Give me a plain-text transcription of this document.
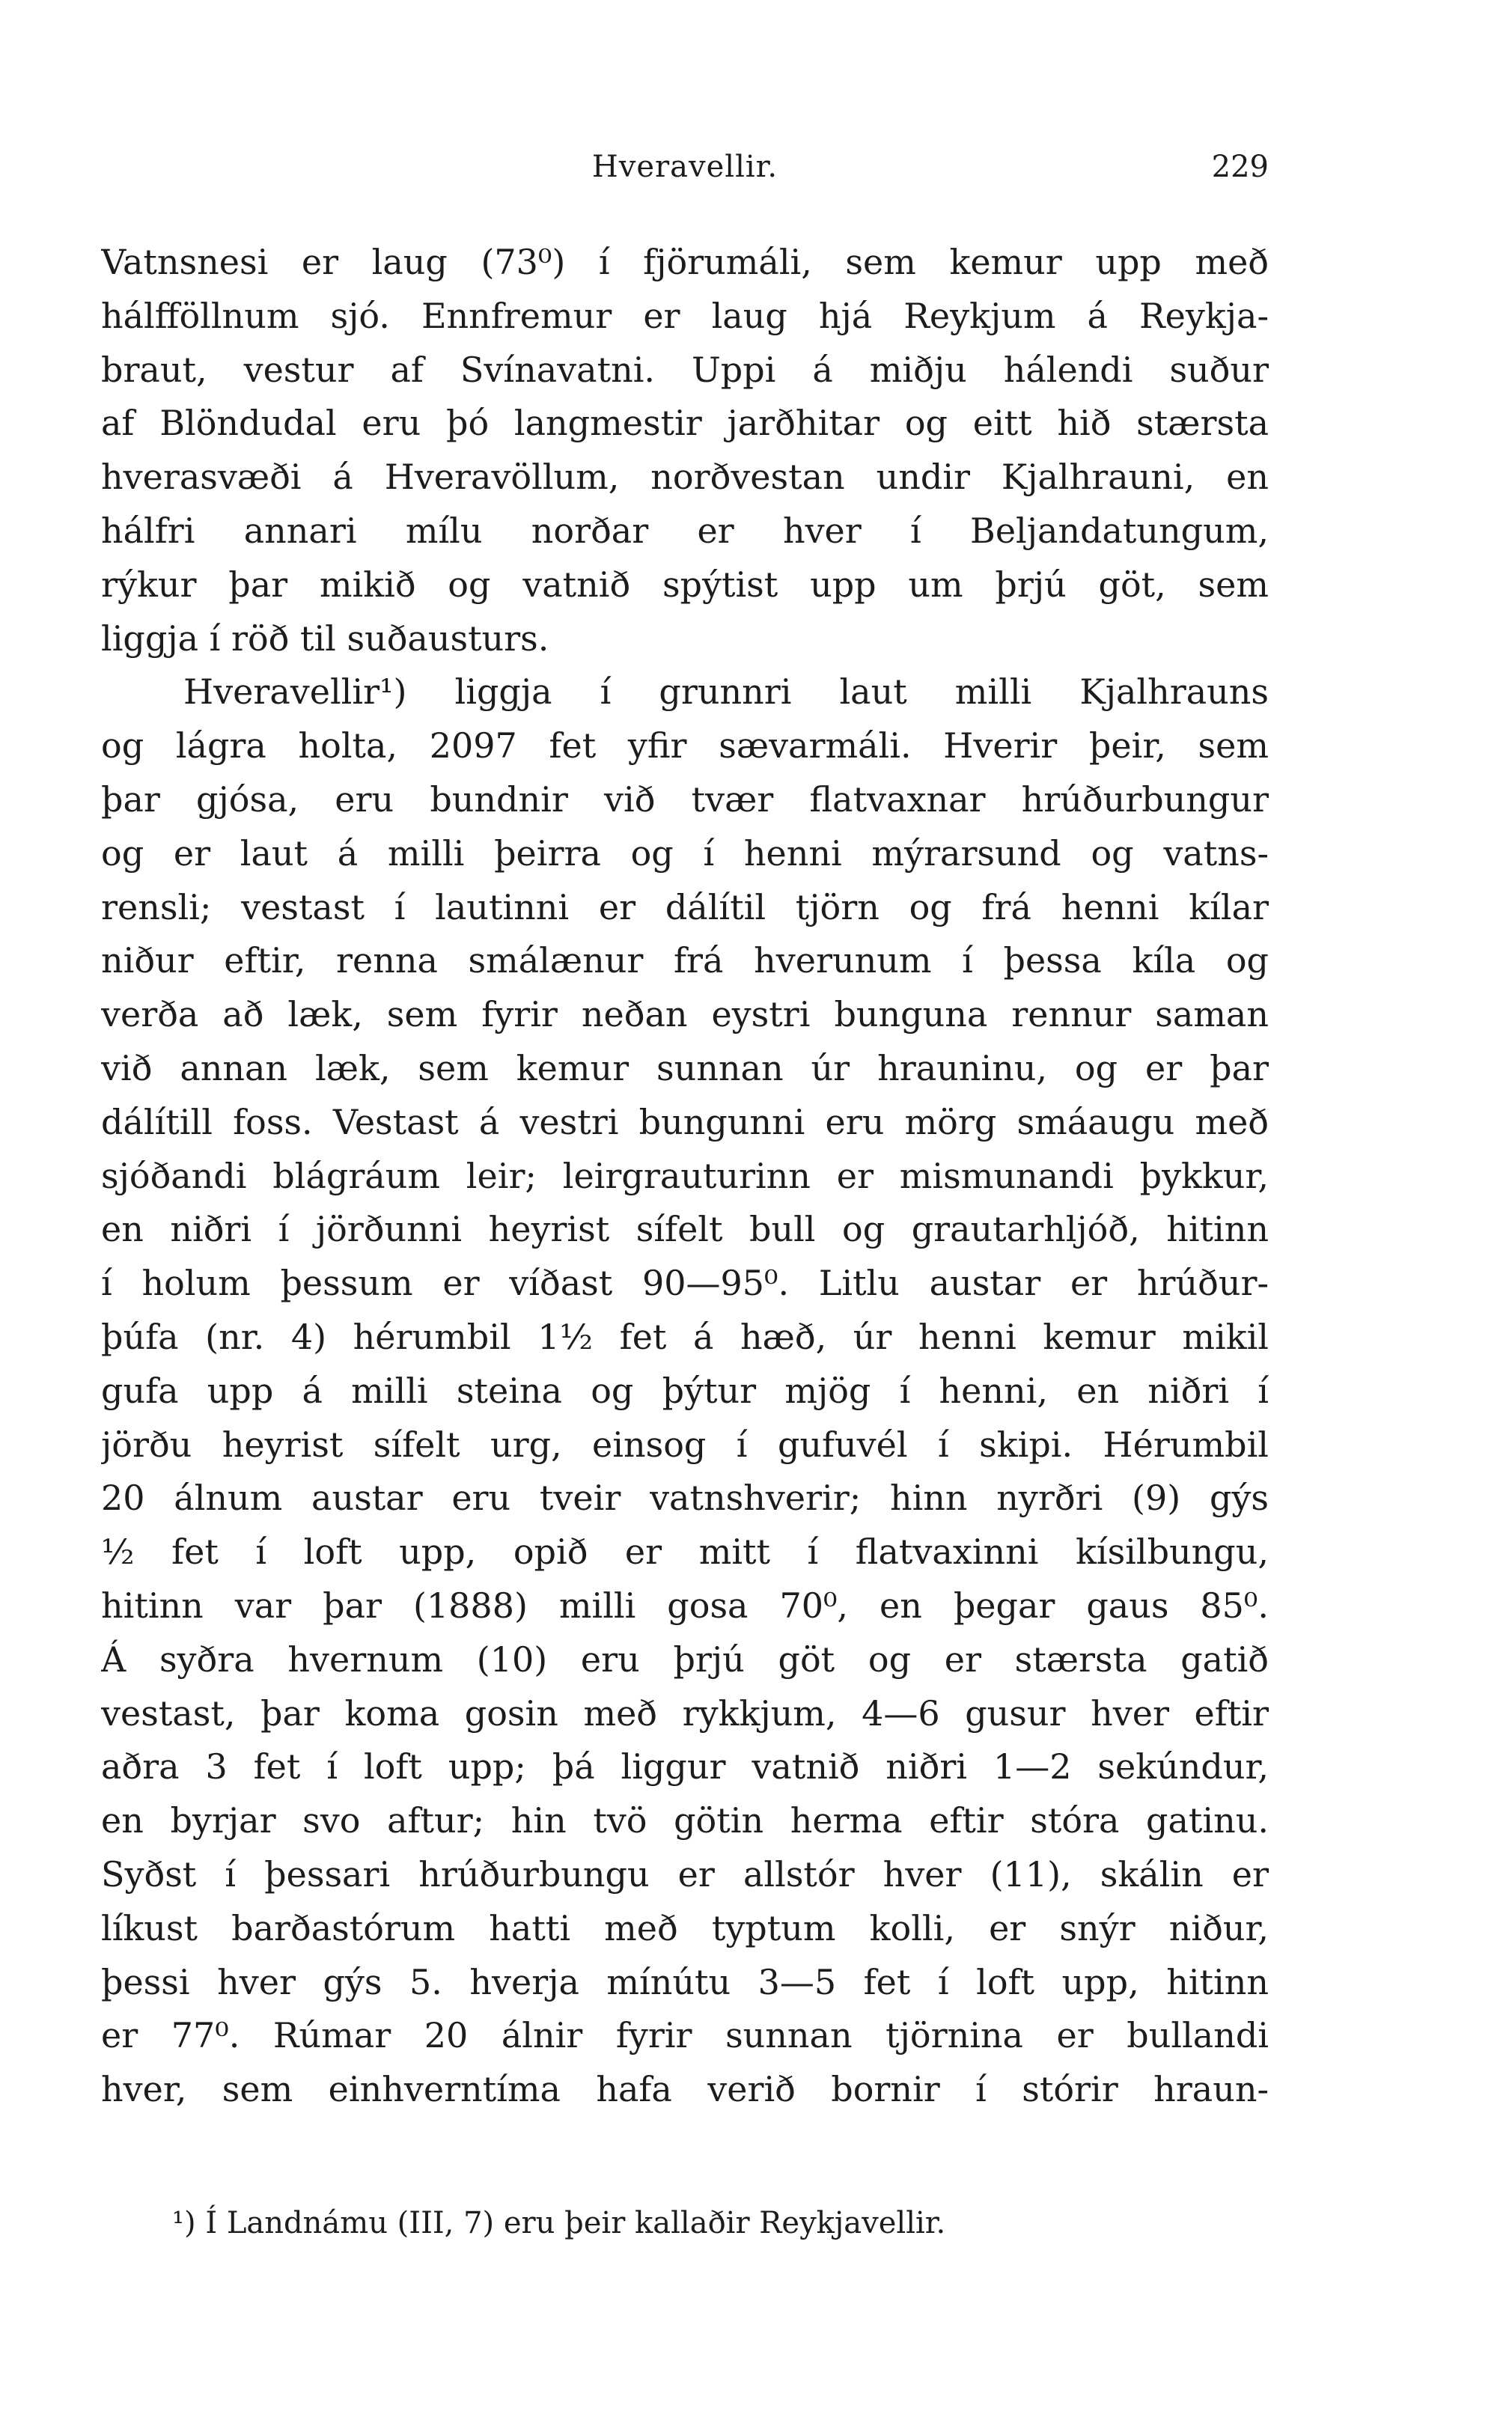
Hveravellir.	229
Vatnsnesi er laug (73⁰) í fjörumáli, sem kemur upp með
hálfföllnum sjó. Ennfremur er laug hjá Reykjum á Reykja-
braut, vestur af Svínavatni. Uppi á miðju hálendi suður
af Blöndudal eru þó langmestir jarðhitar og eitt hið stærsta
hverasvæði á Hveravöllum, norðvestan undir Kjalhrauni, en
hálfri annari mílu norðar er hver í Beljandatungum,
rýkur þar mikið og vatnið spýtist upp um þrjú göt, sem
liggja í röð til suðausturs.
Hveravellir¹) liggja í grunnri laut milli Kjalhrauns
og lágra holta, 2097 fet yfir sævarmáli. Hverir þeir, sem
þar gjósa, eru bundnir við tvær flatvaxnar hrúðurbungur
og er laut á milli þeirra og í henni mýrarsund og vatns-
rensli; vestast í lautinni er dálítil tjörn og frá henni kílar
niður eftir, renna smálænur frá hverunum í þessa kíla og
verða að læk, sem fyrir neðan eystri bunguna rennur saman
við annan læk, sem kemur sunnan úr hrauninu, og er þar
dálítill foss. Vestast á vestri bungunni eru mörg smáaugu með
sjóðandi blágráum leir; leirgrauturinn er mismunandi þykkur,
en niðri í jörðunni heyrist sífelt bull og grautarhljóð, hitinn
í holum þessum er víðast 90—95⁰. Litlu austar er hrúður-
þúfa (nr. 4) hérumbil 1½ fet á hæð, úr henni kemur mikil
gufa upp á milli steina og þýtur mjög í henni, en niðri í
jörðu heyrist sífelt urg, einsog í gufuvél í skipi. Hérumbil
20 álnum austar eru tveir vatnshverir; hinn nyrðri (9) gýs
½ fet í loft upp, opið er mitt í flatvaxinni kísilbungu,
hitinn var þar (1888) milli gosa 70⁰, en þegar gaus 85⁰.
Á syðra hvernum (10) eru þrjú göt og er stærsta gatið
vestast, þar koma gosin með rykkjum, 4—6 gusur hver eftir
aðra 3 fet í loft upp; þá liggur vatnið niðri 1—2 sekúndur,
en byrjar svo aftur; hin tvö götin herma eftir stóra gatinu.
Syðst í þessari hrúðurbungu er allstór hver (11), skálin er
líkust barðastórum hatti með typtum kolli, er snýr niður,
þessi hver gýs 5. hverja mínútu 3—5 fet í loft upp, hitinn
er 77⁰. Rúmar 20 álnir fyrir sunnan tjörnina er bullandi
hver, sem einhverntíma hafa verið bornir í stórir hraun-
¹) Í Landnámu (III, 7) eru þeir kallaðir Reykjavellir.
